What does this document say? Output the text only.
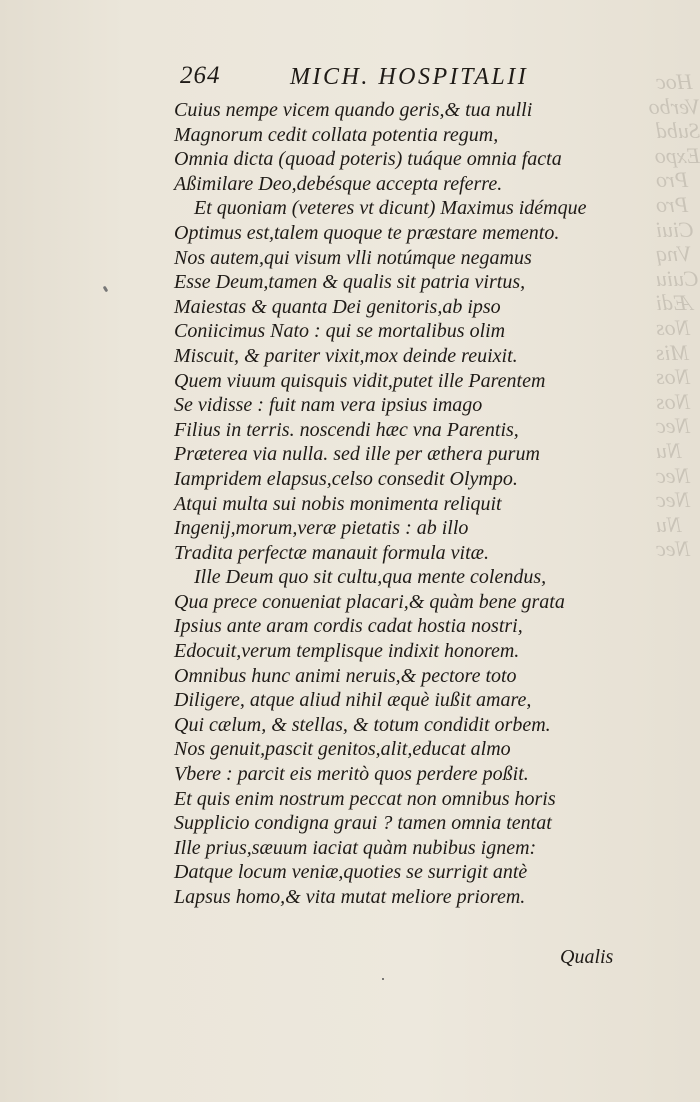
Hoc
Verbo
Subd
Expo
Pro
Pro
Ciui
Vnq
Cuiu
Ædi
Nos
Mis
Nos
Nos
Nec
Nu
Nec
Nec
Nu
Nec
264	MICH. HOSPITALII
Cuius nempe vicem quando geris,& tua nulli
Magnorum cedit collata potentia regum,
Omnia dicta (quoad poteris) tuáque omnia facta
Aßimilare Deo,debésque accepta referre.
Et quoniam (veteres vt dicunt) Maximus idémque
Optimus est,talem quoque te præstare memento.
Nos autem,qui visum vlli notúmque negamus
Esse Deum,tamen & qualis sit patria virtus,
Maiestas & quanta Dei genitoris,ab ipso
Coniicimus Nato : qui se mortalibus olim
Miscuit, & pariter vixit,mox deinde reuixit.
Quem viuum quisquis vidit,putet ille Parentem
Se vidisse : fuit nam vera ipsius imago
Filius in terris. noscendi hæc vna Parentis,
Præterea via nulla. sed ille per æthera purum
Iampridem elapsus,celso consedit Olympo.
Atqui multa sui nobis monimenta reliquit
Ingenij,morum,veræ pietatis : ab illo
Tradita perfectæ manauit formula vitæ.
Ille Deum quo sit cultu,qua mente colendus,
Qua prece conueniat placari,& quàm bene grata
Ipsius ante aram cordis cadat hostia nostri,
Edocuit,verum templisque indixit honorem.
Omnibus hunc animi neruis,& pectore toto
Diligere, atque aliud nihil æquè iußit amare,
Qui cælum, & stellas, & totum condidit orbem.
Nos genuit,pascit genitos,alit,educat almo
Vbere : parcit eis meritò quos perdere poßit.
Et quis enim nostrum peccat non omnibus horis
Supplicio condigna graui ? tamen omnia tentat
Ille prius,sæuum iaciat quàm nubibus ignem:
Datque locum veniæ,quoties se surrigit antè
Lapsus homo,& vita mutat meliore priorem.
Qualis
